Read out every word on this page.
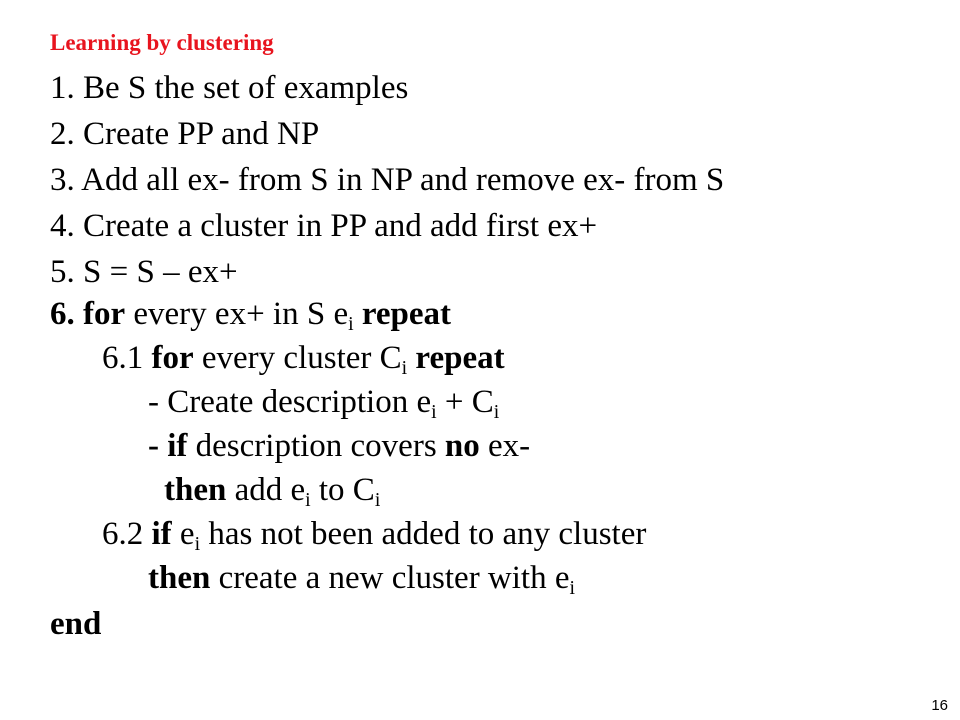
Learning by clustering
1. Be S the set of examples
2. Create PP and NP
3. Add all ex- from S in NP and remove ex- from S
4. Create a cluster in PP and add first ex+
5. S = S – ex+
6. for every ex+ in S $e_i$ repeat
6.1 for every cluster $C_i$ repeat
- Create description $e_i + C_i$
- if description covers no ex-
then add $e_i$ to $C_i$
6.2 if $e_i$ has not been added to any cluster
then create a new cluster with $e_i$
end
16
